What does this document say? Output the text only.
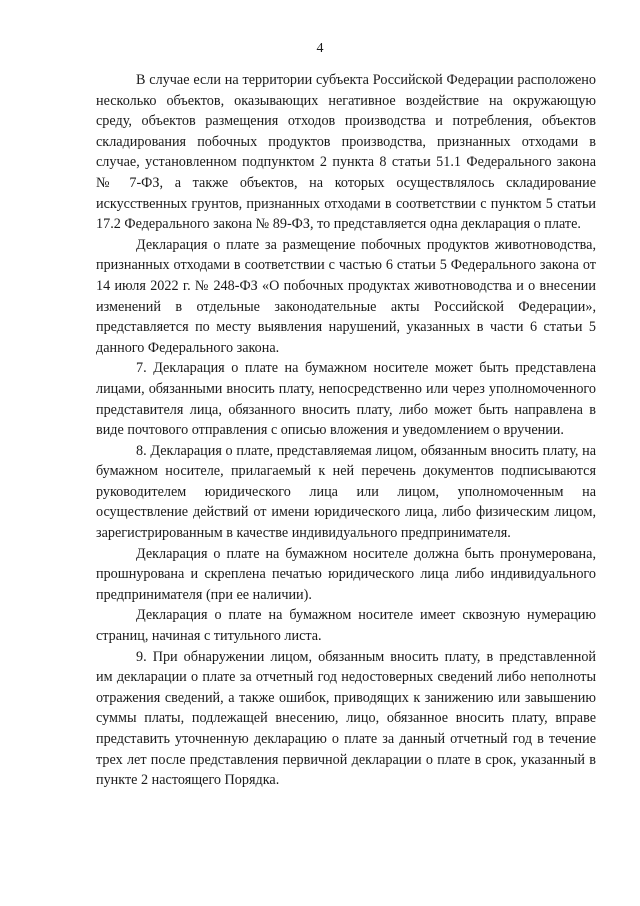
4

В случае если на территории субъекта Российской Федерации расположено несколько объектов, оказывающих негативное воздействие на окружающую среду, объектов размещения отходов производства и потребления, объектов складирования побочных продуктов производства, признанных отходами в случае, установленном подпунктом 2 пункта 8 статьи 51.1 Федерального закона № 7-ФЗ, а также объектов, на которых осуществлялось складирование искусственных грунтов, признанных отходами в соответствии с пунктом 5 статьи 17.2 Федерального закона № 89-ФЗ, то представляется одна декларация о плате.

Декларация о плате за размещение побочных продуктов животноводства, признанных отходами в соответствии с частью 6 статьи 5 Федерального закона от 14 июля 2022 г. № 248-ФЗ «О побочных продуктах животноводства и о внесении изменений в отдельные законодательные акты Российской Федерации», представляется по месту выявления нарушений, указанных в части 6 статьи 5 данного Федерального закона.

7. Декларация о плате на бумажном носителе может быть представлена лицами, обязанными вносить плату, непосредственно или через уполномоченного представителя лица, обязанного вносить плату, либо может быть направлена в виде почтового отправления с описью вложения и уведомлением о вручении.

8. Декларация о плате, представляемая лицом, обязанным вносить плату, на бумажном носителе, прилагаемый к ней перечень документов подписываются руководителем юридического лица или лицом, уполномоченным на осуществление действий от имени юридического лица, либо физическим лицом, зарегистрированным в качестве индивидуального предпринимателя.

Декларация о плате на бумажном носителе должна быть пронумерована, прошнурована и скреплена печатью юридического лица либо индивидуального предпринимателя (при ее наличии).

Декларация о плате на бумажном носителе имеет сквозную нумерацию страниц, начиная с титульного листа.

9. При обнаружении лицом, обязанным вносить плату, в представленной им декларации о плате за отчетный год недостоверных сведений либо неполноты отражения сведений, а также ошибок, приводящих к занижению или завышению суммы платы, подлежащей внесению, лицо, обязанное вносить плату, вправе представить уточненную декларацию о плате за данный отчетный год в течение трех лет после представления первичной декларации о плате в срок, указанный в пункте 2 настоящего Порядка.
